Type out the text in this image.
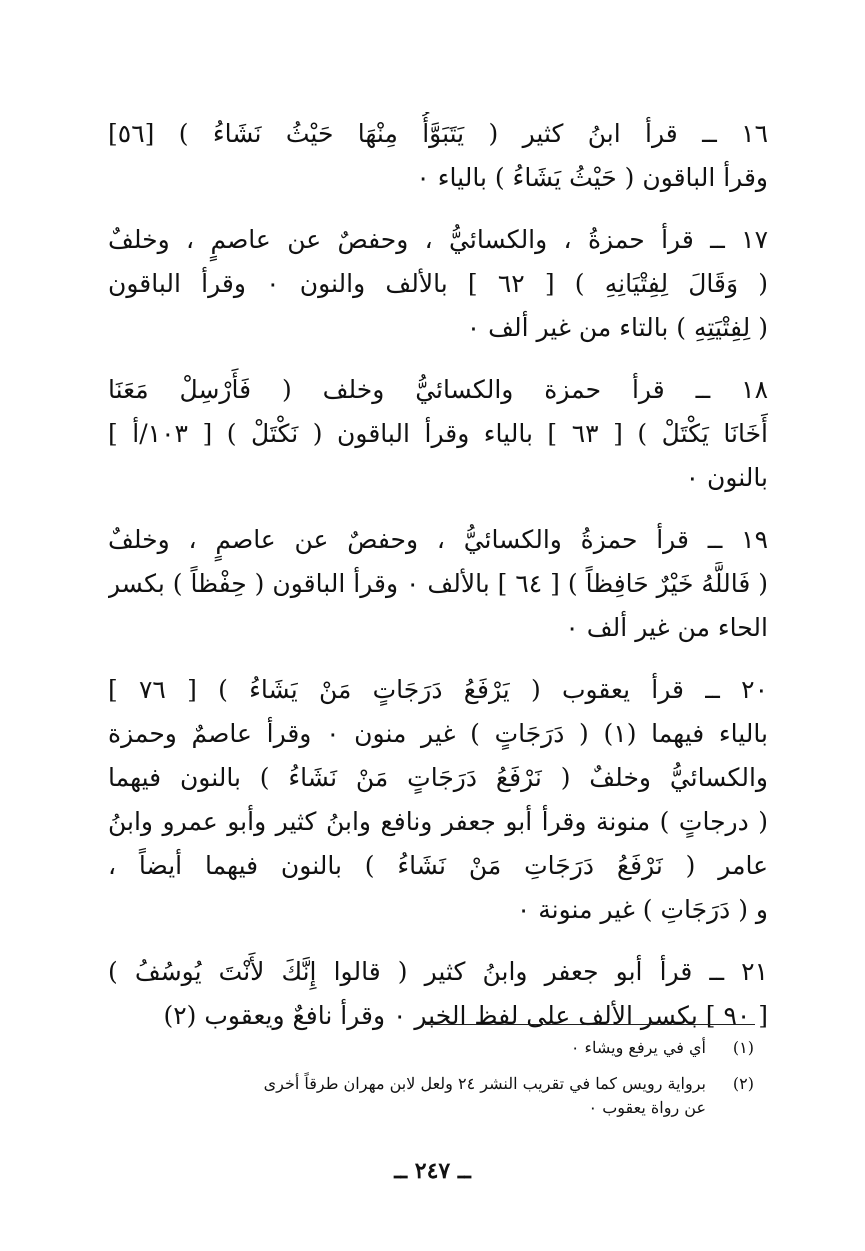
١٦ ــ قرأ ابنُ كثير ( يَتَبَوَّأُ مِنْهَا حَيْثُ نَشَاءُ ) [٥٦]
وقرأ الباقون ( حَيْثُ يَشَاءُ ) بالياء ٠
١٧ ــ قرأ حمزةُ ، والكسائيُّ ، وحفصٌ عن عاصمٍ ، وخلفٌ
( وَقَالَ لِفِتْيَانِهِ ) [ ٦٢ ] بالألف والنون ٠ وقرأ الباقون
( لِفِتْيَتِهِ ) بالتاء من غير ألف ٠
١٨ ــ قرأ حمزة والكسائيُّ وخلف ( فَأَرْسِلْ مَعَنَا
أَخَانَا يَكْتَلْ ) [ ٦٣ ] بالياء وقرأ الباقون ( نَكْتَلْ ) [ ١٠٣/أ ]
بالنون ٠
١٩ ــ قرأ حمزةُ والكسائيُّ ، وحفصٌ عن عاصمٍ ، وخلفٌ
( فَاللَّهُ خَيْرٌ حَافِظاً ) [ ٦٤ ] بالألف ٠ وقرأ الباقون ( حِفْظاً ) بكسر
الحاء من غير ألف ٠
٢٠ ــ قرأ يعقوب ( يَرْفَعُ دَرَجَاتٍ مَنْ يَشَاءُ ) [ ٧٦ ]
بالياء فيهما (١) ( دَرَجَاتٍ ) غير منون ٠ وقرأ عاصمٌ وحمزة
والكسائيُّ وخلفٌ ( نَرْفَعُ دَرَجَاتٍ مَنْ نَشَاءُ ) بالنون فيهما
( درجاتٍ ) منونة وقرأ أبو جعفر ونافع وابنُ كثير وأبو عمرو وابنُ
عامر ( نَرْفَعُ دَرَجَاتِ مَنْ نَشَاءُ ) بالنون فيهما أيضاً ،
و ( دَرَجَاتِ ) غير منونة ٠
٢١ ــ قرأ أبو جعفر وابنُ كثير ( قالوا إِنَّكَ لأَنْتَ يُوسُفُ )
[ ٩٠ ] بكسر الألف على لفظ الخبر ٠ وقرأ نافعٌ ويعقوب (٢)
(١)
أي في يرفع ويشاء ٠
(٢)
برواية رويس كما في تقريب النشر ٢٤ ولعل لابن مهران طرقاً أخرى
عن رواة يعقوب ٠
ــ ٢٤٧ ــ
